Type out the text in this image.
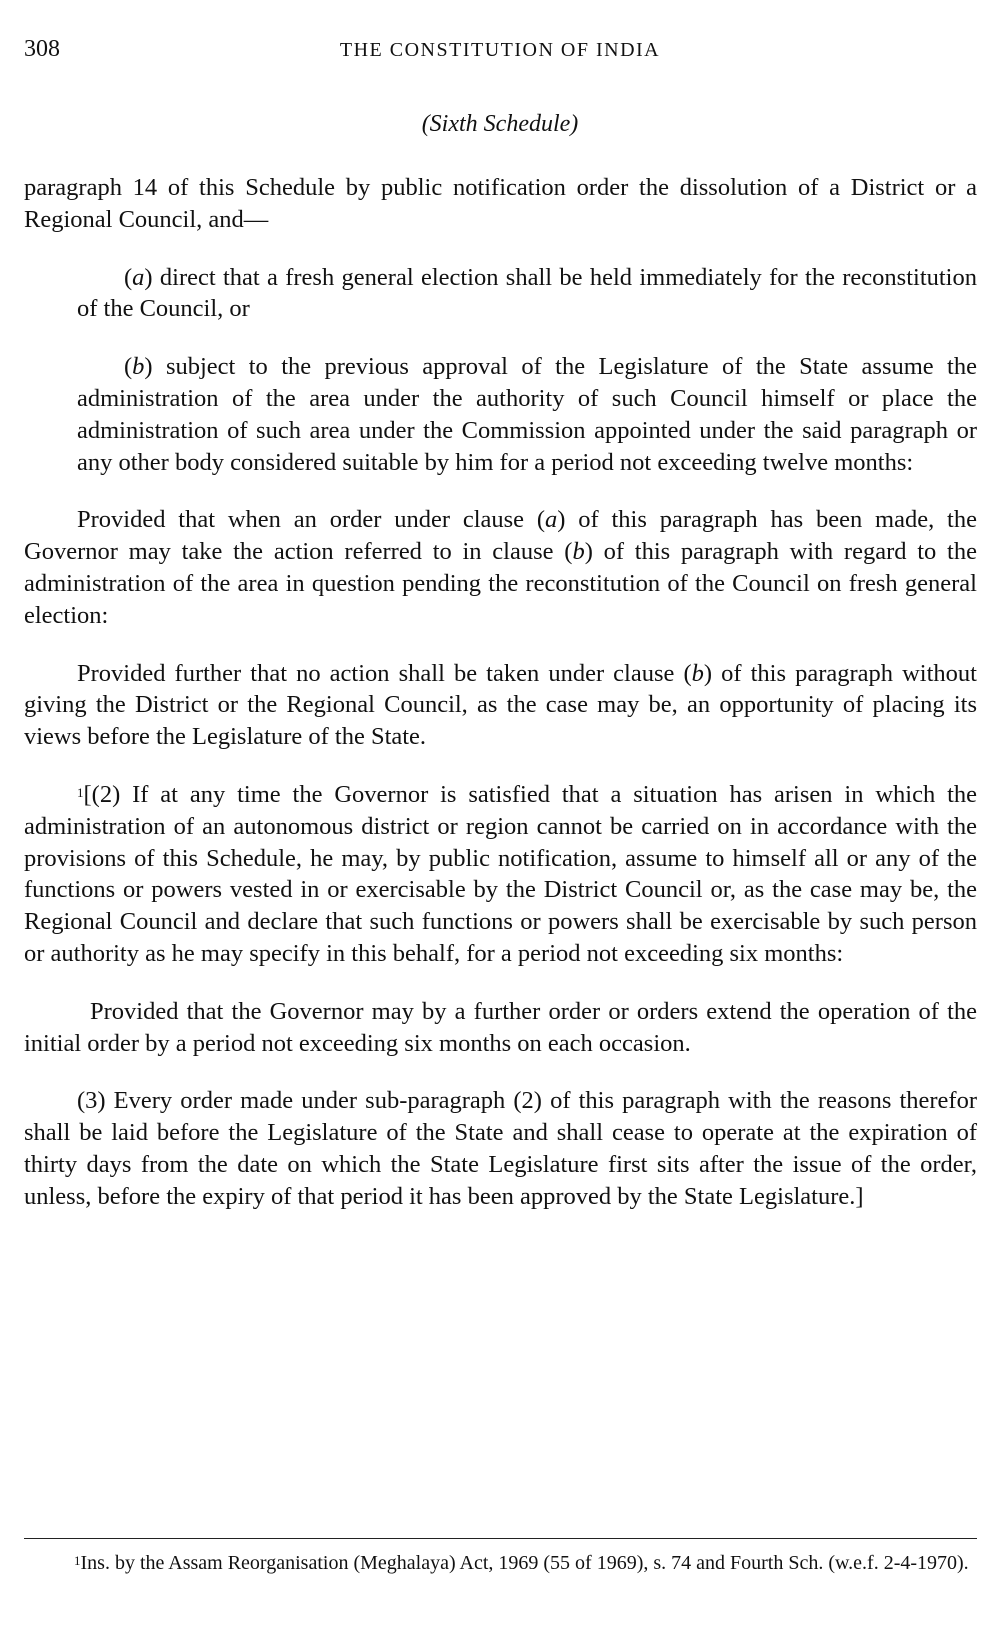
308	THE CONSTITUTION OF INDIA
(Sixth Schedule)

paragraph 14 of this Schedule by public notification order the dissolution of a District or a Regional Council, and—

(a) direct that a fresh general election shall be held immediately for the reconstitution of the Council, or

(b) subject to the previous approval of the Legislature of the State assume the administration of the area under the authority of such Council himself or place the administration of such area under the Commission appointed under the said paragraph or any other body considered suitable by him for a period not exceeding twelve months:

Provided that when an order under clause (a) of this paragraph has been made, the Governor may take the action referred to in clause (b) of this paragraph with regard to the administration of the area in question pending the reconstitution of the Council on fresh general election:

Provided further that no action shall be taken under clause (b) of this paragraph without giving the District or the Regional Council, as the case may be, an opportunity of placing its views before the Legislature of the State.

$^1$[(2) If at any time the Governor is satisfied that a situation has arisen in which the administration of an autonomous district or region cannot be carried on in accordance with the provisions of this Schedule, he may, by public notification, assume to himself all or any of the functions or powers vested in or exercisable by the District Council or, as the case may be, the Regional Council and declare that such functions or powers shall be exercisable by such person or authority as he may specify in this behalf, for a period not exceeding six months:

Provided that the Governor may by a further order or orders extend the operation of the initial order by a period not exceeding six months on each occasion.

(3) Every order made under sub-paragraph (2) of this paragraph with the reasons therefor shall be laid before the Legislature of the State and shall cease to operate at the expiration of thirty days from the date on which the State Legislature first sits after the issue of the order, unless, before the expiry of that period it has been approved by the State Legislature.]

$^1$Ins. by the Assam Reorganisation (Meghalaya) Act, 1969 (55 of 1969), s. 74 and Fourth Sch. (w.e.f. 2-4-1970).
